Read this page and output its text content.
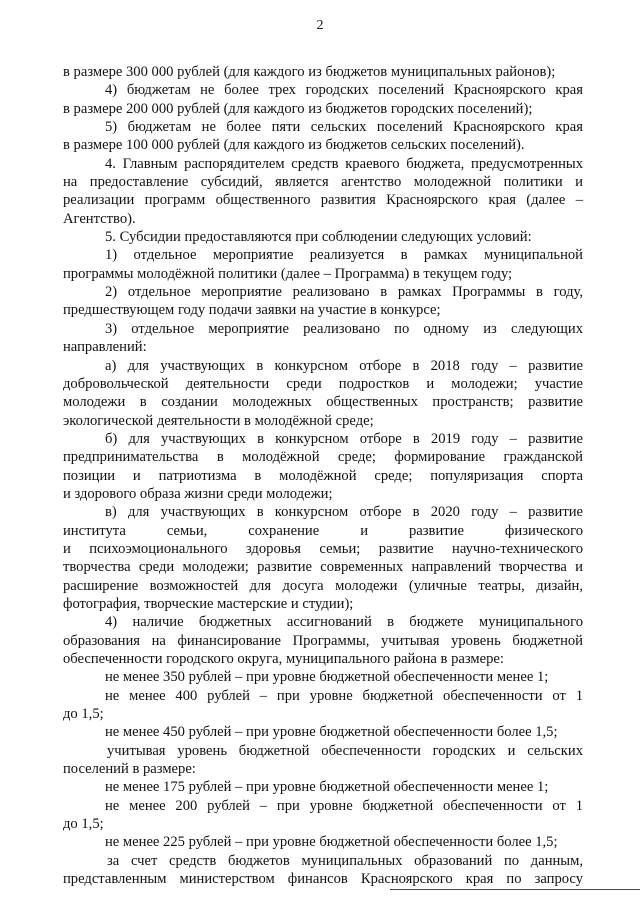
2
в размере 300 000 рублей (для каждого из бюджетов муниципальных районов);
4) бюджетам не более трех городских поселений Красноярского края
в размере 200 000 рублей (для каждого из бюджетов городских поселений);
5) бюджетам не более пяти сельских поселений Красноярского края
в размере 100 000 рублей (для каждого из бюджетов сельских поселений).
4. Главным распорядителем средств краевого бюджета, предусмотренных
на предоставление субсидий, является агентство молодежной политики и
реализации программ общественного развития Красноярского края (далее –
Агентство).
5. Субсидии предоставляются при соблюдении следующих условий:
1) отдельное мероприятие реализуется в рамках муниципальной
программы молодёжной политики (далее – Программа) в текущем году;
2) отдельное мероприятие реализовано в рамках Программы в году,
предшествующем году подачи заявки на участие в конкурсе;
3) отдельное мероприятие реализовано по одному из следующих
направлений:
а) для участвующих в конкурсном отборе в 2018 году – развитие
добровольческой деятельности среди подростков и молодежи; участие
молодежи в создании молодежных общественных пространств; развитие
экологической деятельности в молодёжной среде;
б) для участвующих в конкурсном отборе в 2019 году – развитие
предпринимательства в молодёжной среде; формирование гражданской
позиции и патриотизма в молодёжной среде; популяризация спорта
и здорового образа жизни среди молодежи;
в) для участвующих в конкурсном отборе в 2020 году – развитие
института семьи, сохранение и развитие физического
и психоэмоционального здоровья семьи; развитие научно-технического
творчества среди молодежи; развитие современных направлений творчества и
расширение возможностей для досуга молодежи (уличные театры, дизайн,
фотография, творческие мастерские и студии);
4) наличие бюджетных ассигнований в бюджете муниципального
образования на финансирование Программы, учитывая уровень бюджетной
обеспеченности городского округа, муниципального района в размере:
не менее 350 рублей – при уровне бюджетной обеспеченности менее 1;
не менее 400 рублей – при уровне бюджетной обеспеченности от 1
до 1,5;
не менее 450 рублей – при уровне бюджетной обеспеченности более 1,5;
учитывая уровень бюджетной обеспеченности городских и сельских
поселений в размере:
не менее 175 рублей – при уровне бюджетной обеспеченности менее 1;
не менее 200 рублей – при уровне бюджетной обеспеченности от 1
до 1,5;
не менее 225 рублей – при уровне бюджетной обеспеченности более 1,5;
за счет средств бюджетов муниципальных образований по данным,
представленным министерством финансов Красноярского края по запросу
